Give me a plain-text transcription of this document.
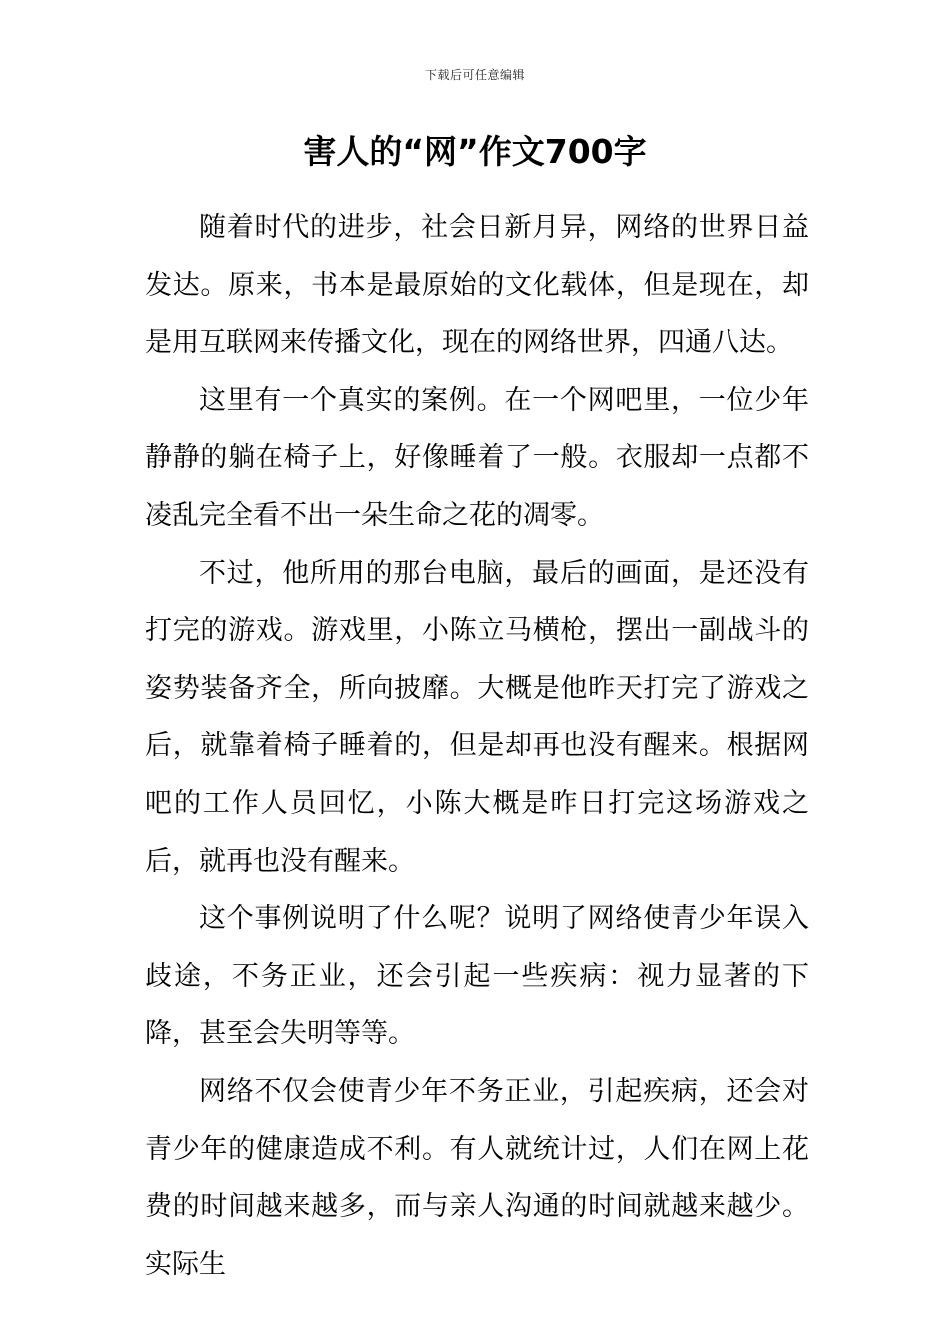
下载后可任意编辑
害人的“网”作文700字

随着时代的进步，社会日新月异，网络的世界日益发达。原来，书本是最原始的文化载体，但是现在，却是用互联网来传播文化，现在的网络世界，四通八达。

这里有一个真实的案例。在一个网吧里，一位少年静静的躺在椅子上，好像睡着了一般。衣服却一点都不凌乱完全看不出一朵生命之花的凋零。

不过，他所用的那台电脑，最后的画面，是还没有打完的游戏。游戏里，小陈立马横枪，摆出一副战斗的姿势装备齐全，所向披靡。大概是他昨天打完了游戏之后，就靠着椅子睡着的，但是却再也没有醒来。根据网吧的工作人员回忆，小陈大概是昨日打完这场游戏之后，就再也没有醒来。

这个事例说明了什么呢？说明了网络使青少年误入歧途，不务正业，还会引起一些疾病：视力显著的下降，甚至会失明等等。

网络不仅会使青少年不务正业，引起疾病，还会对青少年的健康造成不利。有人就统计过，人们在网上花费的时间越来越多，而与亲人沟通的时间就越来越少。实际生
